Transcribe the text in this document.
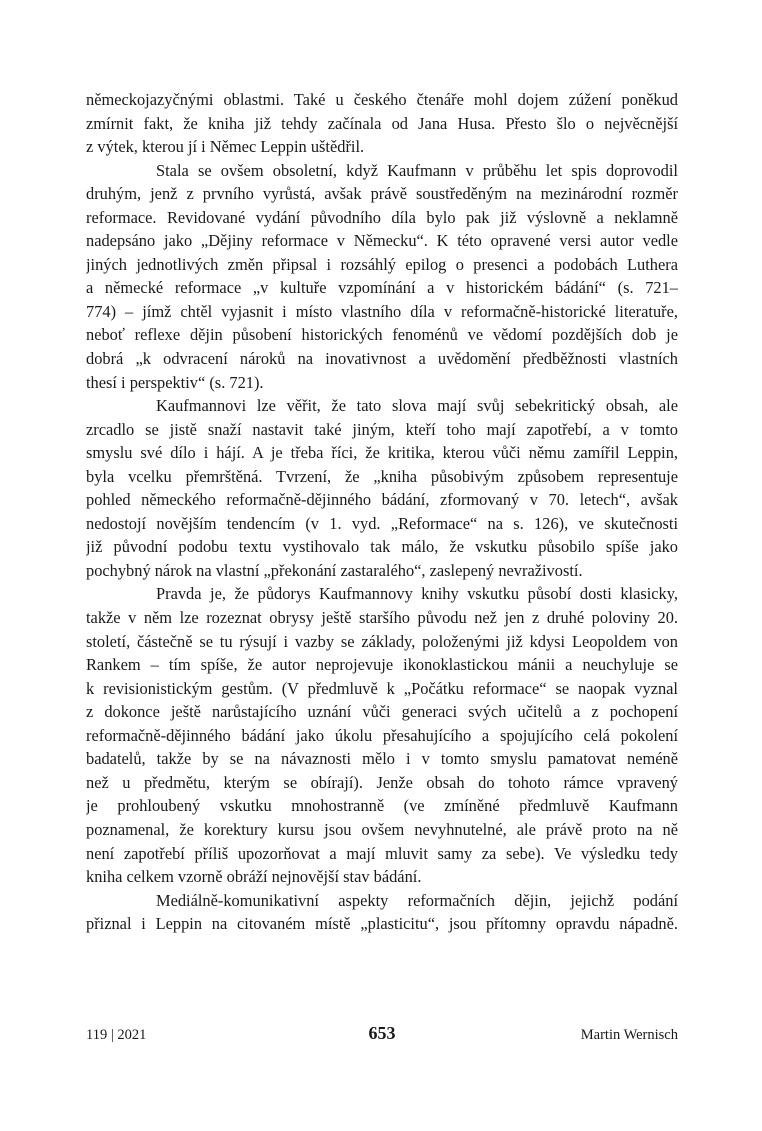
německojazyčnými oblastmi. Také u českého čtenáře mohl dojem zúžení poněkud
zmírnit fakt, že kniha již tehdy začínala od Jana Husa. Přesto šlo o nejvěcnější
z výtek, kterou jí i Němec Leppin uštědřil.

Stala se ovšem obsoletní, když Kaufmann v průběhu let spis doprovodil
druhým, jenž z prvního vyrůstá, avšak právě soustředěným na mezinárodní rozměr
reformace. Revidované vydání původního díla bylo pak již výslovně a neklamně
nadepsáno jako „Dějiny reformace v Německu“. K této opravené versi autor vedle
jiných jednotlivých změn připsal i rozsáhlý epilog o presenci a podobách Luthera
a německé reformace „v kultuře vzpomínání a v historickém bádání“ (s. 721–
774) – jímž chtěl vyjasnit i místo vlastního díla v reformačně-historické literatuře,
neboť reflexe dějin působení historických fenoménů ve vědomí pozdějších dob je
dobrá „k odvracení nároků na inovativnost a uvědomění předběžnosti vlastních
thesí i perspektiv“ (s. 721).

Kaufmannovi lze věřit, že tato slova mají svůj sebekritický obsah, ale
zrcadlo se jistě snaží nastavit také jiným, kteří toho mají zapotřebí, a v tomto
smyslu své dílo i hájí. A je třeba říci, že kritika, kterou vůči němu zamířil Leppin,
byla vcelku přemrštěná. Tvrzení, že „kniha působivým způsobem representuje
pohled německého reformačně-dějinného bádání, zformovaný v 70. letech“, avšak
nedostojí novějším tendencím (v 1. vyd. „Reformace“ na s. 126), ve skutečnosti
již původní podobu textu vystihovalo tak málo, že vskutku působilo spíše jako
pochybný nárok na vlastní „překonání zastaralého“, zaslepený nevraživostí.

Pravda je, že půdorys Kaufmannovy knihy vskutku působí dosti klasicky,
takže v něm lze rozeznat obrysy ještě staršího původu než jen z druhé poloviny 20.
století, částečně se tu rýsují i vazby se základy, položenými již kdysi Leopoldem von
Rankem – tím spíše, že autor neprojevuje ikonoklastickou mánii a neuchyluje se
k revisionistickým gestům. (V předmluvě k „Počátku reformace“ se naopak vyznal
z dokonce ještě narůstajícího uznání vůči generaci svých učitelů a z pochopení
reformačně-dějinného bádání jako úkolu přesahujícího a spojujícího celá pokolení
badatelů, takže by se na návaznosti mělo i v tomto smyslu pamatovat neméně
než u předmětu, kterým se obírají). Jenže obsah do tohoto rámce vpravený
je prohloubený vskutku mnohostranně (ve zmíněné předmluvě Kaufmann
poznamenal, že korektury kursu jsou ovšem nevyhnutelné, ale právě proto na ně
není zapotřebí příliš upozorňovat a mají mluvit samy za sebe). Ve výsledku tedy
kniha celkem vzorně obráží nejnovější stav bádání.

Mediálně-komunikativní aspekty reformačních dějin, jejichž podání
přiznal i Leppin na citovaném místě „plasticitu“, jsou přítomny opravdu nápadně.

119 | 2021	653	Martin Wernisch
